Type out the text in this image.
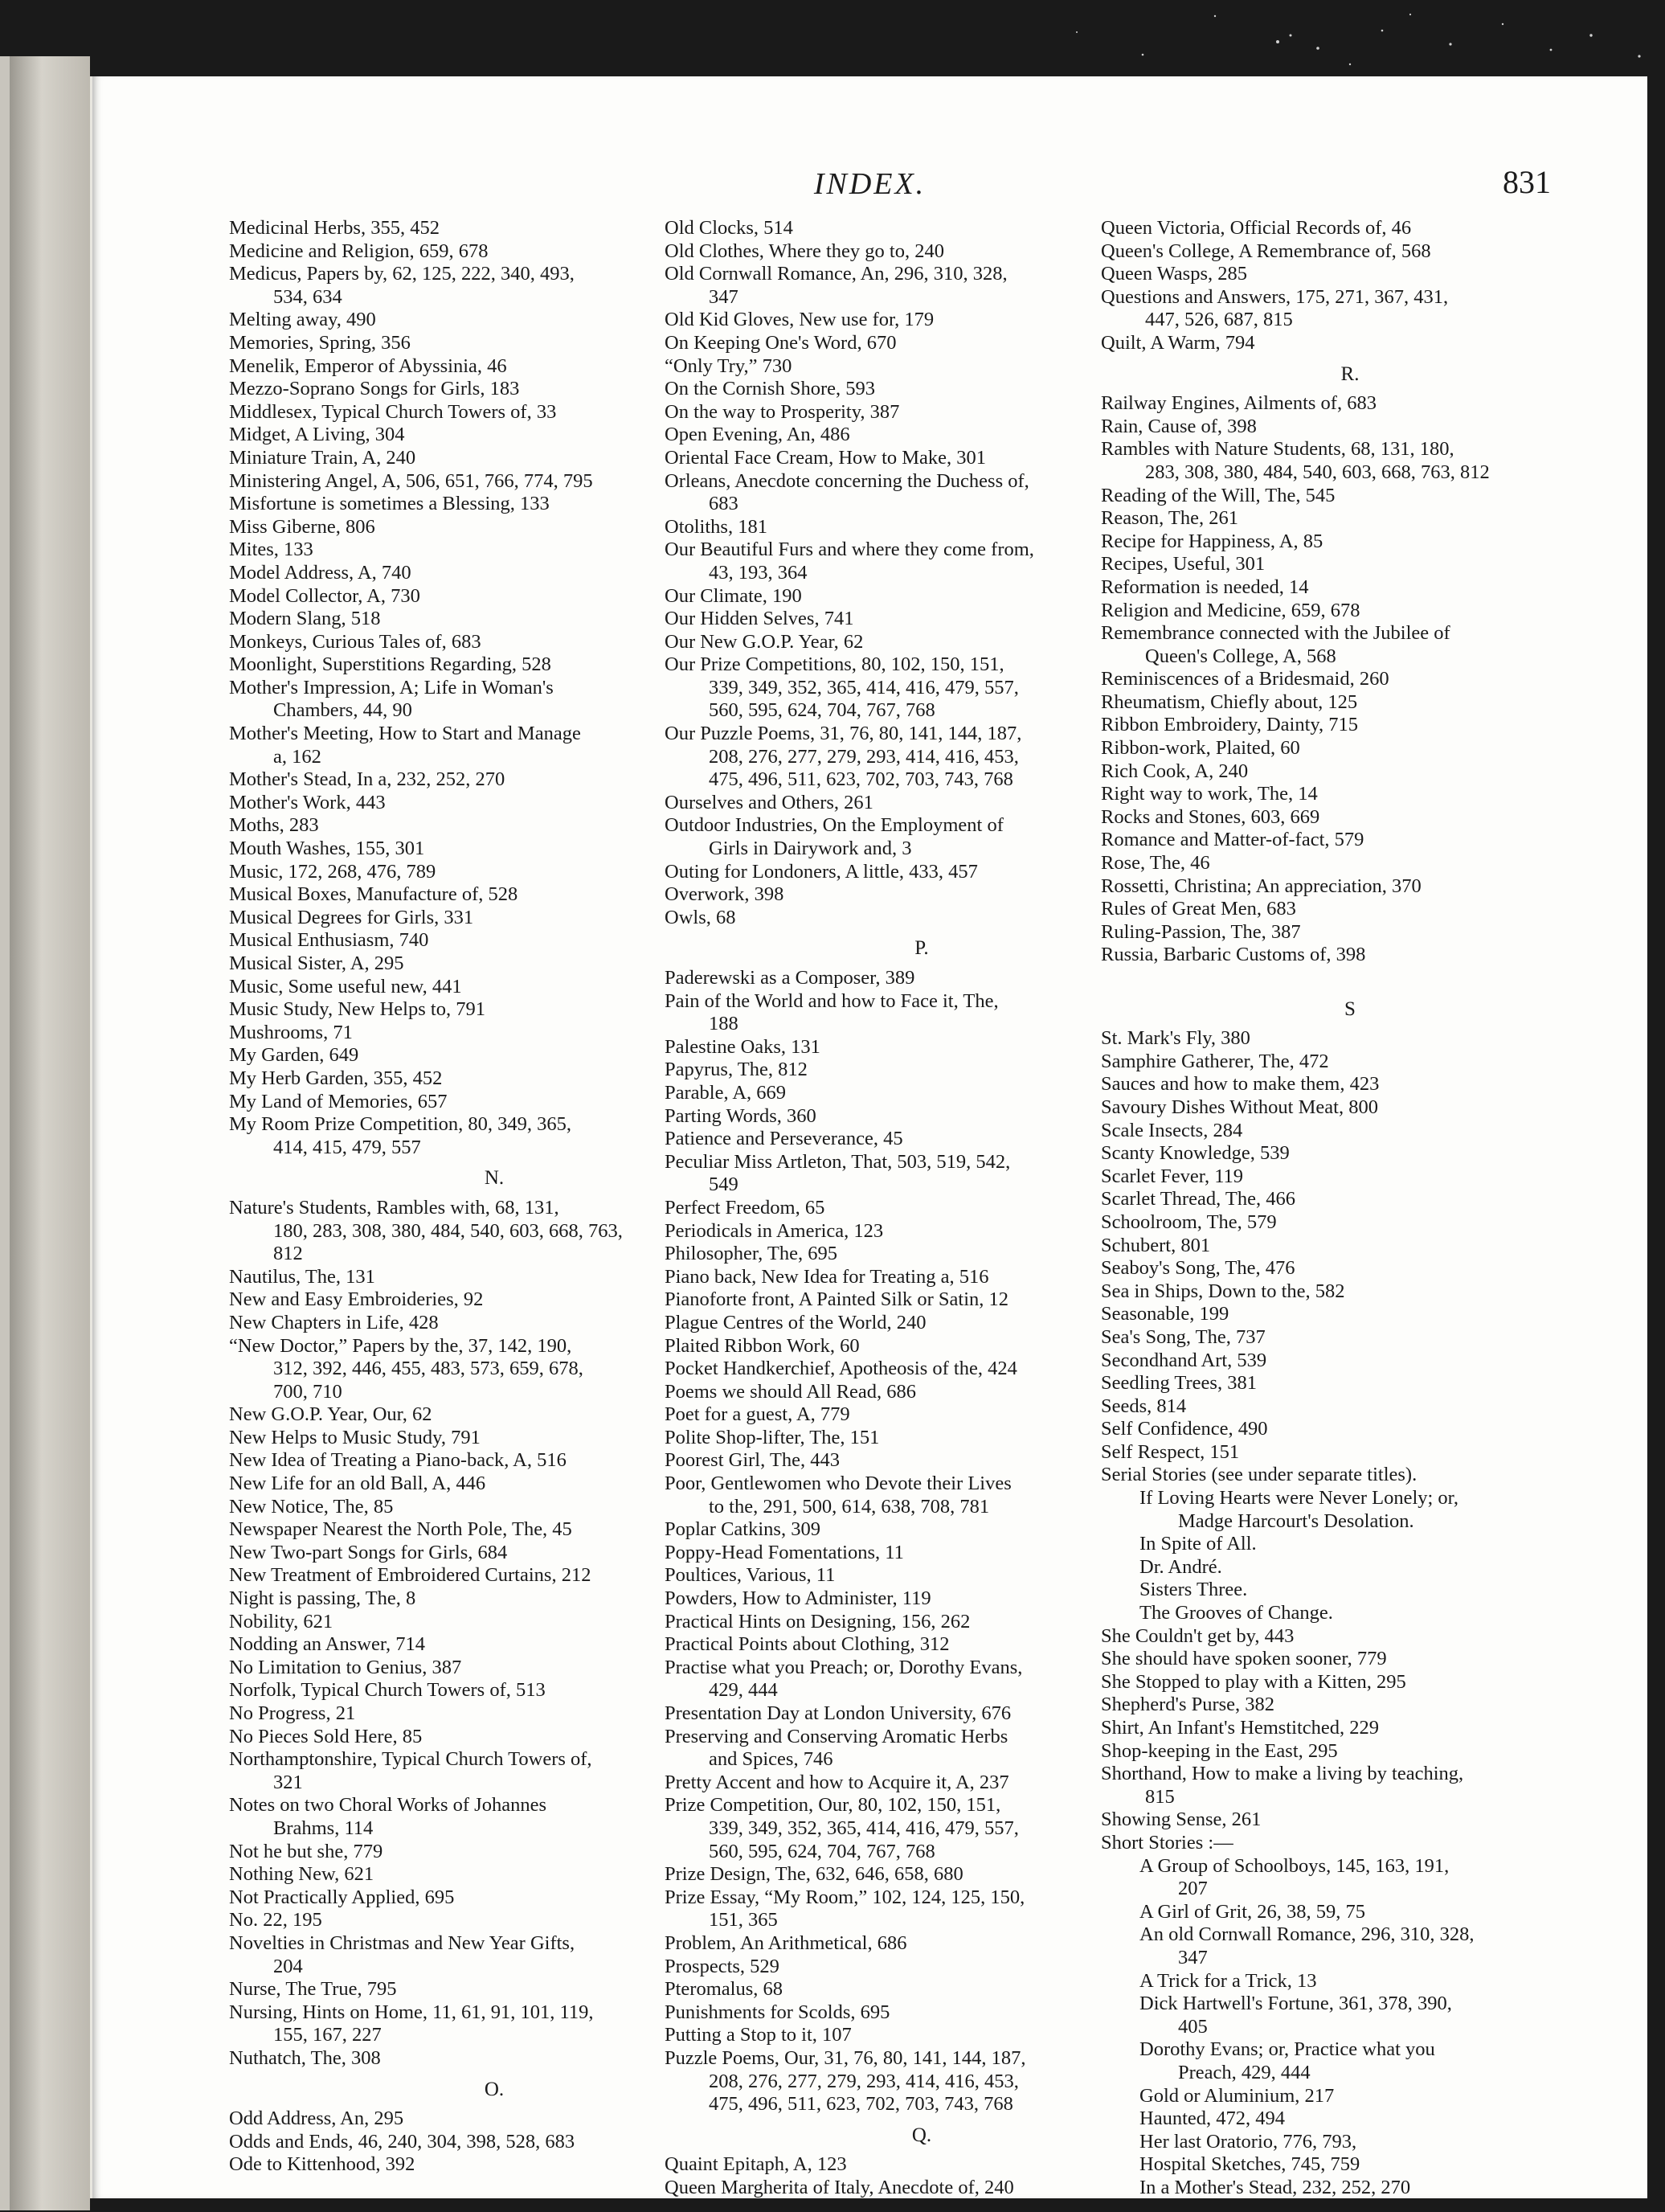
INDEX.	831
Medicinal Herbs, 355, 452
Medicine and Religion, 659, 678
Medicus, Papers by, 62, 125, 222, 340, 493,
534, 634
Melting away, 490
Memories, Spring, 356
Menelik, Emperor of Abyssinia, 46
Mezzo-Soprano Songs for Girls, 183
Middlesex, Typical Church Towers of, 33
Midget, A Living, 304
Miniature Train, A, 240
Ministering Angel, A, 506, 651, 766, 774, 795
Misfortune is sometimes a Blessing, 133
Miss Giberne, 806
Mites, 133
Model Address, A, 740
Model Collector, A, 730
Modern Slang, 518
Monkeys, Curious Tales of, 683
Moonlight, Superstitions Regarding, 528
Mother's Impression, A; Life in Woman's
Chambers, 44, 90
Mother's Meeting, How to Start and Manage
a, 162
Mother's Stead, In a, 232, 252, 270
Mother's Work, 443
Moths, 283
Mouth Washes, 155, 301
Music, 172, 268, 476, 789
Musical Boxes, Manufacture of, 528
Musical Degrees for Girls, 331
Musical Enthusiasm, 740
Musical Sister, A, 295
Music, Some useful new, 441
Music Study, New Helps to, 791
Mushrooms, 71
My Garden, 649
My Herb Garden, 355, 452
My Land of Memories, 657
My Room Prize Competition, 80, 349, 365,
414, 415, 479, 557
N.
Nature's Students, Rambles with, 68, 131,
180, 283, 308, 380, 484, 540, 603, 668, 763,
812
Nautilus, The, 131
New and Easy Embroideries, 92
New Chapters in Life, 428
“New Doctor,” Papers by the, 37, 142, 190,
312, 392, 446, 455, 483, 573, 659, 678,
700, 710
New G.O.P. Year, Our, 62
New Helps to Music Study, 791
New Idea of Treating a Piano-back, A, 516
New Life for an old Ball, A, 446
New Notice, The, 85
Newspaper Nearest the North Pole, The, 45
New Two-part Songs for Girls, 684
New Treatment of Embroidered Curtains, 212
Night is passing, The, 8
Nobility, 621
Nodding an Answer, 714
No Limitation to Genius, 387
Norfolk, Typical Church Towers of, 513
No Progress, 21
No Pieces Sold Here, 85
Northamptonshire, Typical Church Towers of,
321
Notes on two Choral Works of Johannes
Brahms, 114
Not he but she, 779
Nothing New, 621
Not Practically Applied, 695
No. 22, 195
Novelties in Christmas and New Year Gifts,
204
Nurse, The True, 795
Nursing, Hints on Home, 11, 61, 91, 101, 119,
155, 167, 227
Nuthatch, The, 308
O.
Odd Address, An, 295
Odds and Ends, 46, 240, 304, 398, 528, 683
Ode to Kittenhood, 392
Old Clocks, 514
Old Clothes, Where they go to, 240
Old Cornwall Romance, An, 296, 310, 328,
347
Old Kid Gloves, New use for, 179
On Keeping One's Word, 670
“Only Try,” 730
On the Cornish Shore, 593
On the way to Prosperity, 387
Open Evening, An, 486
Oriental Face Cream, How to Make, 301
Orleans, Anecdote concerning the Duchess of,
683
Otoliths, 181
Our Beautiful Furs and where they come from,
43, 193, 364
Our Climate, 190
Our Hidden Selves, 741
Our New G.O.P. Year, 62
Our Prize Competitions, 80, 102, 150, 151,
339, 349, 352, 365, 414, 416, 479, 557,
560, 595, 624, 704, 767, 768
Our Puzzle Poems, 31, 76, 80, 141, 144, 187,
208, 276, 277, 279, 293, 414, 416, 453,
475, 496, 511, 623, 702, 703, 743, 768
Ourselves and Others, 261
Outdoor Industries, On the Employment of
Girls in Dairywork and, 3
Outing for Londoners, A little, 433, 457
Overwork, 398
Owls, 68
P.
Paderewski as a Composer, 389
Pain of the World and how to Face it, The,
188
Palestine Oaks, 131
Papyrus, The, 812
Parable, A, 669
Parting Words, 360
Patience and Perseverance, 45
Peculiar Miss Artleton, That, 503, 519, 542,
549
Perfect Freedom, 65
Periodicals in America, 123
Philosopher, The, 695
Piano back, New Idea for Treating a, 516
Pianoforte front, A Painted Silk or Satin, 12
Plague Centres of the World, 240
Plaited Ribbon Work, 60
Pocket Handkerchief, Apotheosis of the, 424
Poems we should All Read, 686
Poet for a guest, A, 779
Polite Shop-lifter, The, 151
Poorest Girl, The, 443
Poor, Gentlewomen who Devote their Lives
to the, 291, 500, 614, 638, 708, 781
Poplar Catkins, 309
Poppy-Head Fomentations, 11
Poultices, Various, 11
Powders, How to Administer, 119
Practical Hints on Designing, 156, 262
Practical Points about Clothing, 312
Practise what you Preach; or, Dorothy Evans,
429, 444
Presentation Day at London University, 676
Preserving and Conserving Aromatic Herbs
and Spices, 746
Pretty Accent and how to Acquire it, A, 237
Prize Competition, Our, 80, 102, 150, 151,
339, 349, 352, 365, 414, 416, 479, 557,
560, 595, 624, 704, 767, 768
Prize Design, The, 632, 646, 658, 680
Prize Essay, “My Room,” 102, 124, 125, 150,
151, 365
Problem, An Arithmetical, 686
Prospects, 529
Pteromalus, 68
Punishments for Scolds, 695
Putting a Stop to it, 107
Puzzle Poems, Our, 31, 76, 80, 141, 144, 187,
208, 276, 277, 279, 293, 414, 416, 453,
475, 496, 511, 623, 702, 703, 743, 768
Q.
Quaint Epitaph, A, 123
Queen Margherita of Italy, Anecdote of, 240
Queen Victoria, Official Records of, 46
Queen's College, A Remembrance of, 568
Queen Wasps, 285
Questions and Answers, 175, 271, 367, 431,
447, 526, 687, 815
Quilt, A Warm, 794
R.
Railway Engines, Ailments of, 683
Rain, Cause of, 398
Rambles with Nature Students, 68, 131, 180,
283, 308, 380, 484, 540, 603, 668, 763, 812
Reading of the Will, The, 545
Reason, The, 261
Recipe for Happiness, A, 85
Recipes, Useful, 301
Reformation is needed, 14
Religion and Medicine, 659, 678
Remembrance connected with the Jubilee of
Queen's College, A, 568
Reminiscences of a Bridesmaid, 260
Rheumatism, Chiefly about, 125
Ribbon Embroidery, Dainty, 715
Ribbon-work, Plaited, 60
Rich Cook, A, 240
Right way to work, The, 14
Rocks and Stones, 603, 669
Romance and Matter-of-fact, 579
Rose, The, 46
Rossetti, Christina; An appreciation, 370
Rules of Great Men, 683
Ruling-Passion, The, 387
Russia, Barbaric Customs of, 398
S
St. Mark's Fly, 380
Samphire Gatherer, The, 472
Sauces and how to make them, 423
Savoury Dishes Without Meat, 800
Scale Insects, 284
Scanty Knowledge, 539
Scarlet Fever, 119
Scarlet Thread, The, 466
Schoolroom, The, 579
Schubert, 801
Seaboy's Song, The, 476
Sea in Ships, Down to the, 582
Seasonable, 199
Sea's Song, The, 737
Secondhand Art, 539
Seedling Trees, 381
Seeds, 814
Self Confidence, 490
Self Respect, 151
Serial Stories (see under separate titles).
If Loving Hearts were Never Lonely; or,
Madge Harcourt's Desolation.
In Spite of All.
Dr. André.
Sisters Three.
The Grooves of Change.
She Couldn't get by, 443
She should have spoken sooner, 779
She Stopped to play with a Kitten, 295
Shepherd's Purse, 382
Shirt, An Infant's Hemstitched, 229
Shop-keeping in the East, 295
Shorthand, How to make a living by teaching,
815
Showing Sense, 261
Short Stories :—
A Group of Schoolboys, 145, 163, 191,
207
A Girl of Grit, 26, 38, 59, 75
An old Cornwall Romance, 296, 310, 328,
347
A Trick for a Trick, 13
Dick Hartwell's Fortune, 361, 378, 390,
405
Dorothy Evans; or, Practice what you
Preach, 429, 444
Gold or Aluminium, 217
Haunted, 472, 494
Her last Oratorio, 776, 793,
Hospital Sketches, 745, 759
In a Mother's Stead, 232, 252, 270
